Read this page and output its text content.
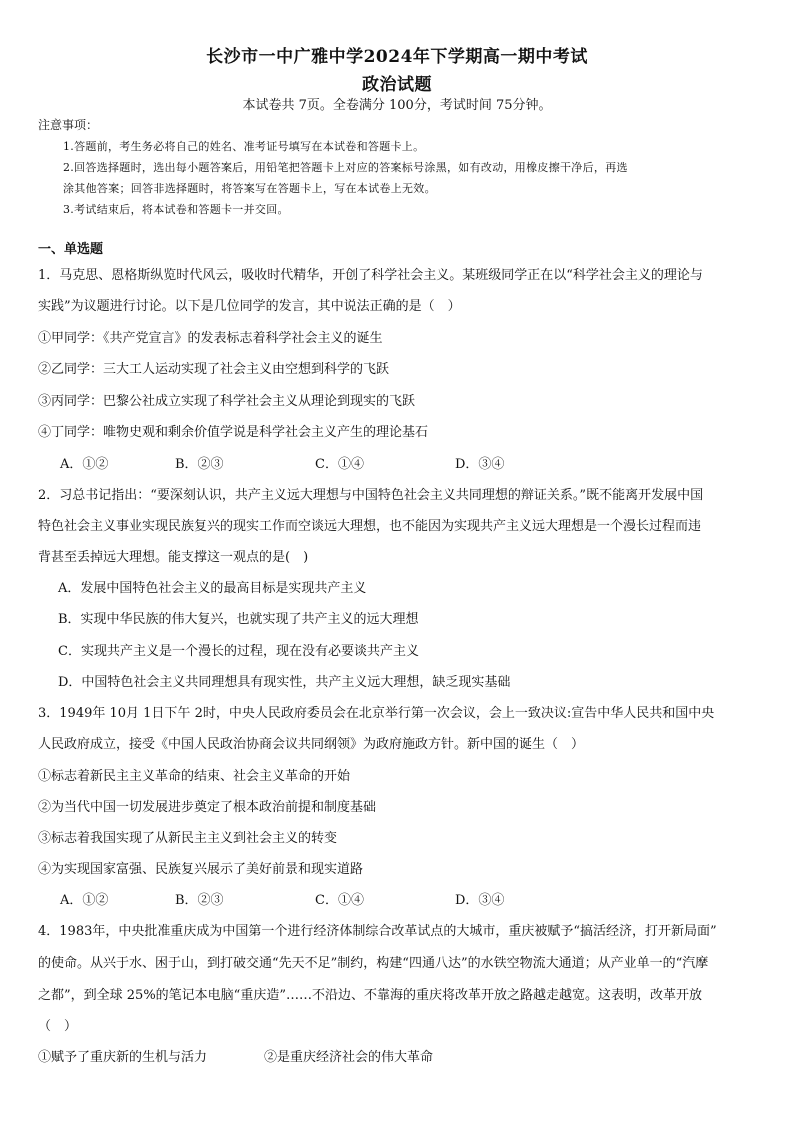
长沙市一中广雅中学2024年下学期高一期中考试
政治试题
本试卷共 7页。全卷满分 100分，考试时间 75分钟。
注意事项：
1.答题前，考生务必将自己的姓名、准考证号填写在本试卷和答题卡上。
2.回答选择题时，选出每小题答案后，用铅笔把答题卡上对应的答案标号涂黑，如有改动，用橡皮擦干净后，再选
涂其他答案；回答非选择题时，将答案写在答题卡上，写在本试卷上无效。
3.考试结束后，将本试卷和答题卡一并交回。
一、单选题
1．马克思、恩格斯纵览时代风云，吸收时代精华，开创了科学社会主义。某班级同学正在以“科学社会主义的理论与
实践”为议题进行讨论。以下是几位同学的发言，其中说法正确的是（　）
①甲同学：《共产党宣言》的发表标志着科学社会主义的诞生
②乙同学：三大工人运动实现了社会主义由空想到科学的飞跃
③丙同学：巴黎公社成立实现了科学社会主义从理论到现实的飞跃
④丁同学：唯物史观和剩余价值学说是科学社会主义产生的理论基石
A．①②	B．②③	C．①④	D．③④
2．习总书记指出：“要深刻认识，共产主义远大理想与中国特色社会主义共同理想的辩证关系。”既不能离开发展中国
特色社会主义事业实现民族复兴的现实工作而空谈远大理想，也不能因为实现共产主义远大理想是一个漫长过程而违
背甚至丢掉远大理想。能支撑这一观点的是(　)
A．发展中国特色社会主义的最高目标是实现共产主义
B．实现中华民族的伟大复兴，也就实现了共产主义的远大理想
C．实现共产主义是一个漫长的过程，现在没有必要谈共产主义
D．中国特色社会主义共同理想具有现实性，共产主义远大理想，缺乏现实基础
3．1949年 10月 1日下午 2时，中央人民政府委员会在北京举行第一次会议，会上一致决议:宣告中华人民共和国中央
人民政府成立，接受《中国人民政治协商会议共同纲领》为政府施政方针。新中国的诞生（　）
①标志着新民主主义革命的结束、社会主义革命的开始
②为当代中国一切发展进步奠定了根本政治前提和制度基础
③标志着我国实现了从新民主主义到社会主义的转变
④为实现国家富强、民族复兴展示了美好前景和现实道路
A．①②	B．②③	C．①④	D．③④
4．1983年，中央批准重庆成为中国第一个进行经济体制综合改革试点的大城市，重庆被赋予“搞活经济，打开新局面”
的使命。从兴于水、困于山，到打破交通“先天不足”制约，构建“四通八达”的水铁空物流大通道；从产业单一的“汽摩
之都”，到全球 25%的笔记本电脑“重庆造”……不沿边、不靠海的重庆将改革开放之路越走越宽。这表明，改革开放
（　）
①赋予了重庆新的生机与活力	②是重庆经济社会的伟大革命
